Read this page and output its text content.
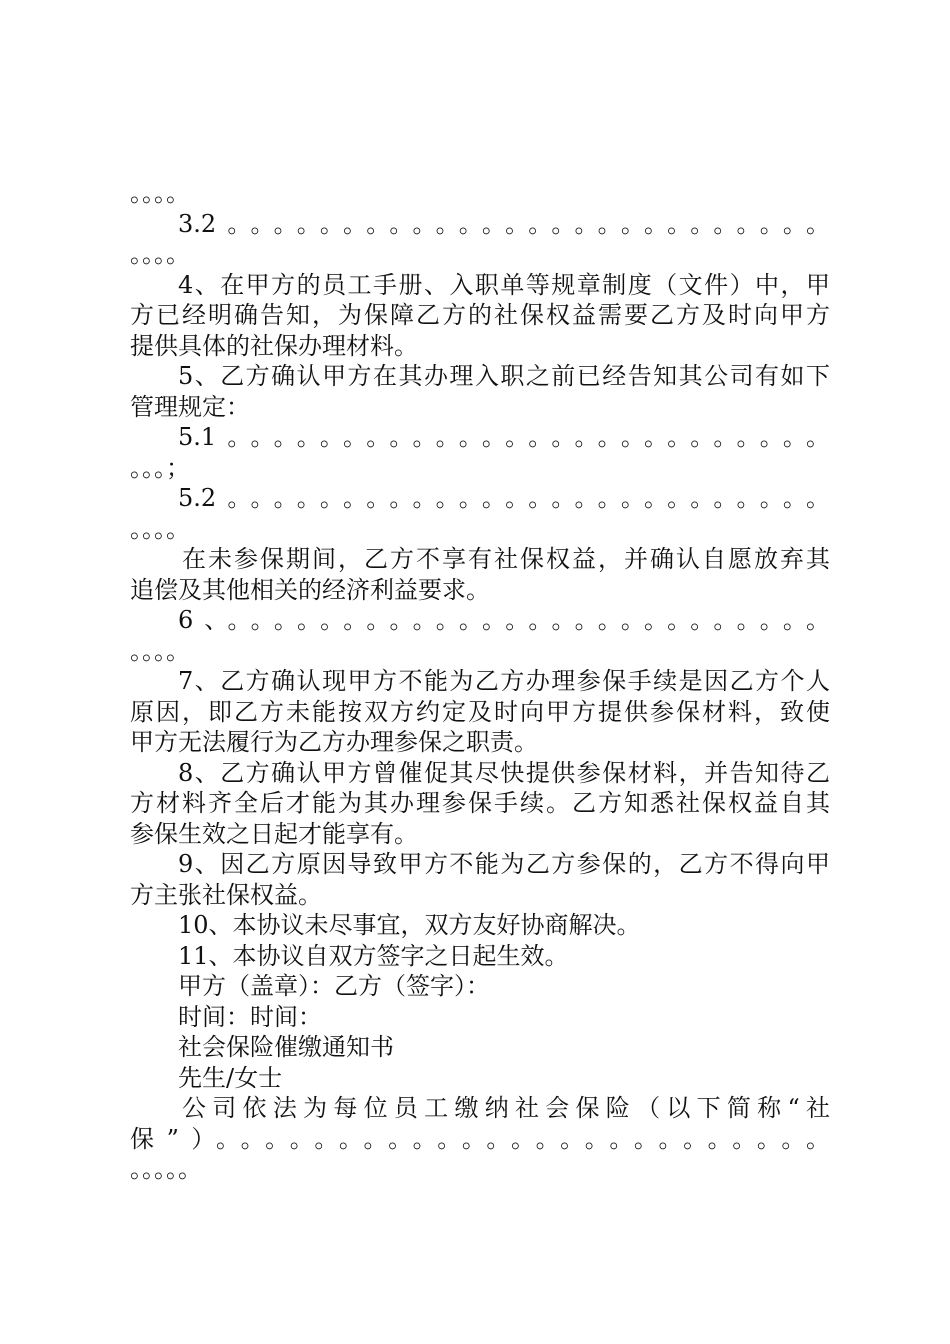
。。。。
3.2。。。。。。。。。。。。。。。。。。。。。。。。。。
。。。。
4、在甲方的员工手册、入职单等规章制度（文件）中，甲
方已经明确告知，为保障乙方的社保权益需要乙方及时向甲方
提供具体的社保办理材料。
5、乙方确认甲方在其办理入职之前已经告知其公司有如下
管理规定：
5.1。。。。。。。。。。。。。。。。。。。。。。。。。。
。。。；
5.2。。。。。。。。。。。。。。。。。。。。。。。。。。
。。。。
在未参保期间，乙方不享有社保权益，并确认自愿放弃其
追偿及其他相关的经济利益要求。
6、。。。。。。。。。。。。。。。。。。。。。。。。。。
。。。。
7、乙方确认现甲方不能为乙方办理参保手续是因乙方个人
原因，即乙方未能按双方约定及时向甲方提供参保材料，致使
甲方无法履行为乙方办理参保之职责。
8、乙方确认甲方曾催促其尽快提供参保材料，并告知待乙
方材料齐全后才能为其办理参保手续。乙方知悉社保权益自其
参保生效之日起才能享有。
9、因乙方原因导致甲方不能为乙方参保的，乙方不得向甲
方主张社保权益。
10、本协议未尽事宜，双方友好协商解决。
11、本协议自双方签字之日起生效。
甲方（盖章）：乙方（签字）：
时间：时间：
社会保险催缴通知书
先生/女士
公司依法为每位员工缴纳社会保险（以下简称“社
保”）。。。。。。。。。。。。。。。。。。。。。。。。。
。。。。。
